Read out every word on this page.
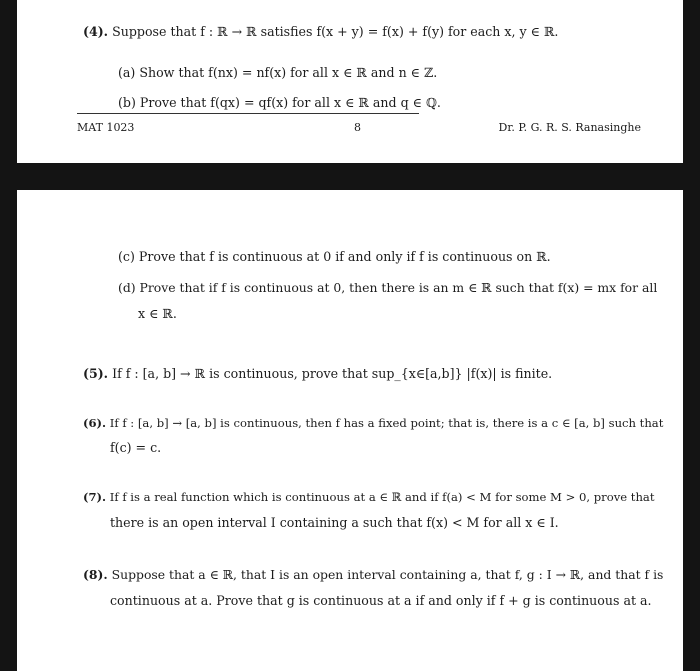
(4). Suppose that f : ℝ → ℝ satisfies f(x + y) = f(x) + f(y) for each x, y ∈ ℝ.
(a) Show that f(nx) = nf(x) for all x ∈ ℝ and n ∈ ℤ.
(b) Prove that f(qx) = qf(x) for all x ∈ ℝ and q ∈ ℚ.
MAT 1023	8	Dr. P. G. R. S. Ranasinghe
(c) Prove that f is continuous at 0 if and only if f is continuous on ℝ.
(d) Prove that if f is continuous at 0, then there is an m ∈ ℝ such that f(x) = mx for all
x ∈ ℝ.
(5). If f : [a, b] → ℝ is continuous, prove that sup_{x∈[a,b]} |f(x)| is finite.
(6). If f : [a, b] → [a, b] is continuous, then f has a fixed point; that is, there is a c ∈ [a, b] such that
f(c) = c.
(7). If f is a real function which is continuous at a ∈ ℝ and if f(a) < M for some M > 0, prove that
there is an open interval I containing a such that f(x) < M for all x ∈ I.
(8). Suppose that a ∈ ℝ, that I is an open interval containing a, that f, g : I → ℝ, and that f is
continuous at a. Prove that g is continuous at a if and only if f + g is continuous at a.
